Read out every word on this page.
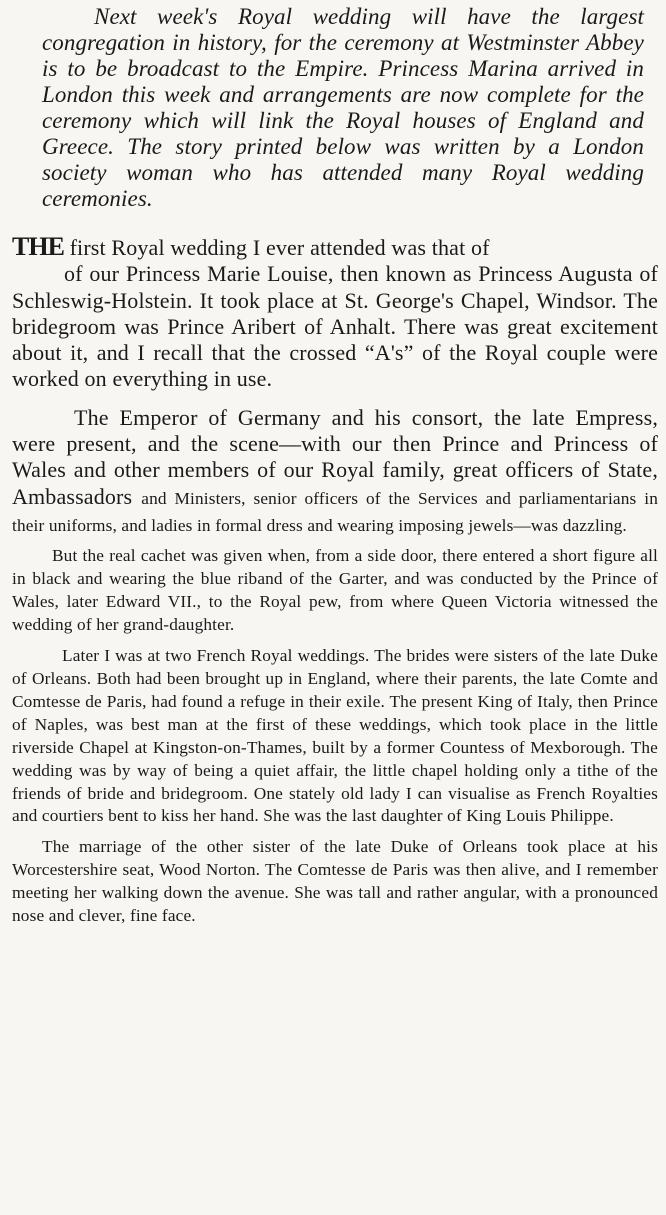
Next week's Royal wedding will have the largest congregation in history, for the ceremony at Westminster Abbey is to be broadcast to the Empire. Princess Marina arrived in London this week and arrangements are now complete for the ceremony which will link the Royal houses of England and Greece. The story printed below was written by a London society woman who has attended many Royal wedding ceremonies.

THE first Royal wedding I ever attended was that of
of our Princess Marie Louise, then known as Princess Augusta of Schleswig-Holstein. It took place at St. George's Chapel, Windsor. The bridegroom was Prince Aribert of Anhalt. There was great excitement about it, and I recall that the crossed “A's” of the Royal couple were worked on everything in use.

The Emperor of Germany and his consort, the late Empress, were present, and the scene—with our then Prince and Princess of Wales and other members of our Royal family, great officers of State, Ambassadors and Ministers, senior officers of the Services and parliamentarians in their uniforms, and ladies in formal dress and wearing imposing jewels—was dazzling.

But the real cachet was given when, from a side door, there entered a short figure all in black and wearing the blue riband of the Garter, and was conducted by the Prince of Wales, later Edward VII., to the Royal pew, from where Queen Victoria witnessed the wedding of her grand-daughter.

Later I was at two French Royal weddings. The brides were sisters of the late Duke of Orleans. Both had been brought up in England, where their parents, the late Comte and Comtesse de Paris, had found a refuge in their exile. The present King of Italy, then Prince of Naples, was best man at the first of these weddings, which took place in the little riverside Chapel at Kingston-on-Thames, built by a former Countess of Mexborough. The wedding was by way of being a quiet affair, the little chapel holding only a tithe of the friends of bride and bridegroom. One stately old lady I can visualise as French Royalties and courtiers bent to kiss her hand. She was the last daughter of King Louis Philippe.

The marriage of the other sister of the late Duke of Orleans took place at his Worcestershire seat, Wood Norton. The Comtesse de Paris was then alive, and I remember meeting her walking down the avenue. She was tall and rather angular, with a pronounced nose and clever, fine face.
